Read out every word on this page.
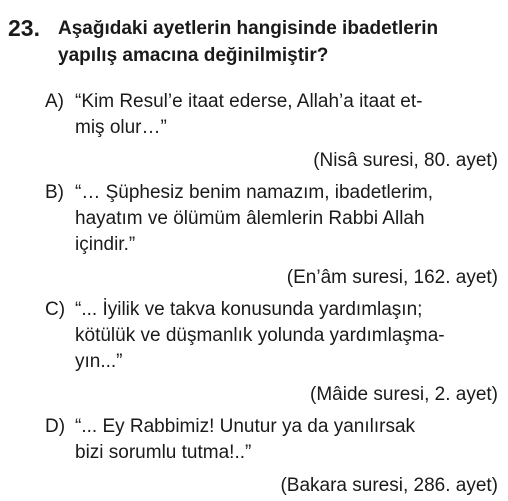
23. Aşağıdaki ayetlerin hangisinde ibadetlerin
yapılış amacına değinilmiştir?
A) “Kim Resul’e itaat ederse, Allah’a itaat et-
miş olur…”
(Nisâ suresi, 80. ayet)
B) “… Şüphesiz benim namazım, ibadetlerim,
hayatım ve ölümüm âlemlerin Rabbi Allah
içindir.”
(En’âm suresi, 162. ayet)
C) “... İyilik ve takva konusunda yardımlaşın;
kötülük ve düşmanlık yolunda yardımlaşma-
yın...”
(Mâide suresi, 2. ayet)
D) “... Ey Rabbimiz! Unutur ya da yanılırsak
bizi sorumlu tutma!..”
(Bakara suresi, 286. ayet)
